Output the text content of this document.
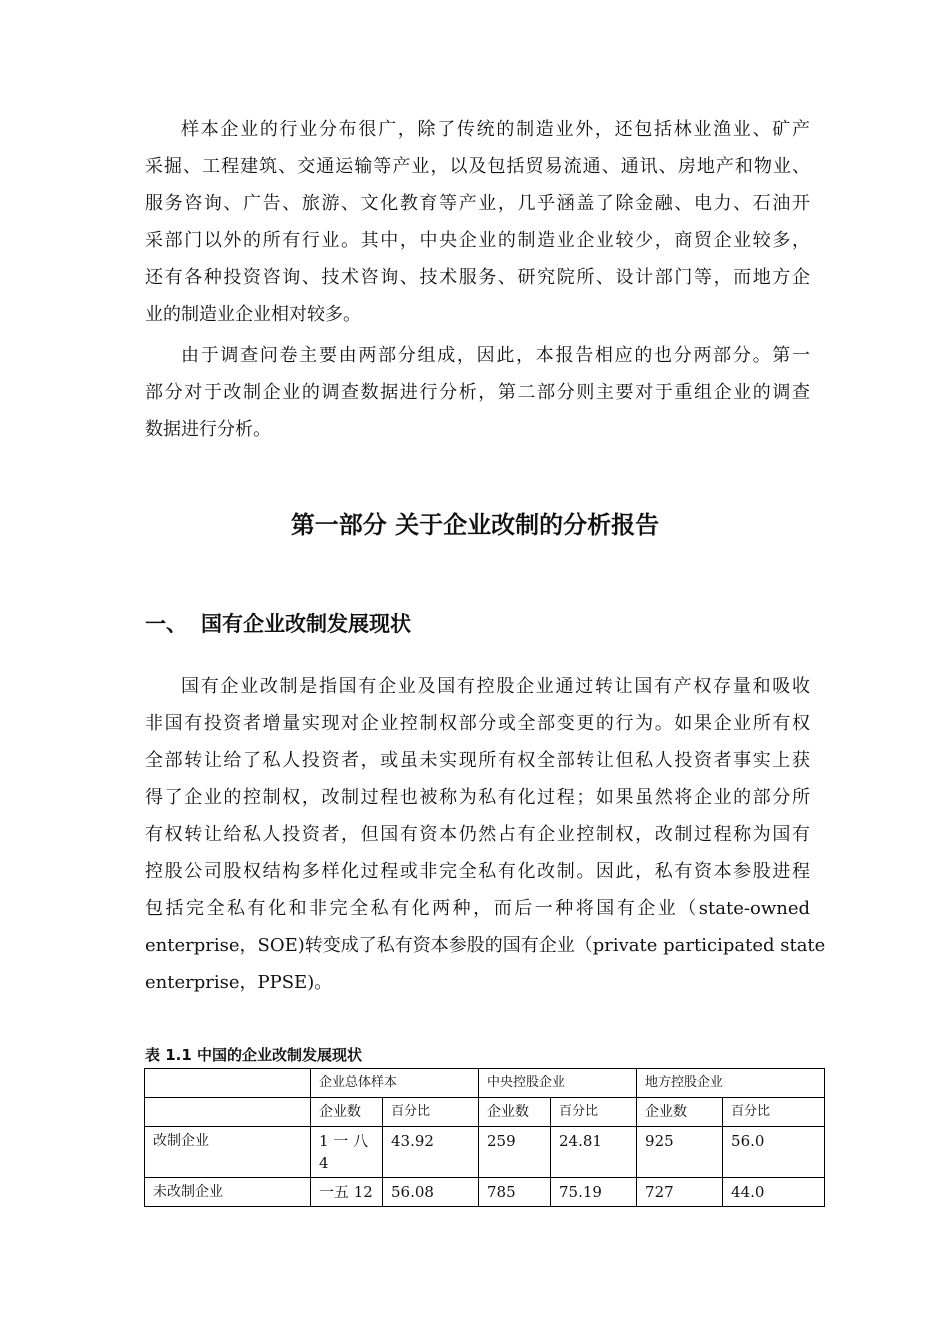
样本企业的行业分布很广，除了传统的制造业外，还包括林业渔业、矿产
采掘、工程建筑、交通运输等产业，以及包括贸易流通、通讯、房地产和物业、
服务咨询、广告、旅游、文化教育等产业，几乎涵盖了除金融、电力、石油开
采部门以外的所有行业。其中，中央企业的制造业企业较少，商贸企业较多，
还有各种投资咨询、技术咨询、技术服务、研究院所、设计部门等，而地方企
业的制造业企业相对较多。
由于调查问卷主要由两部分组成，因此，本报告相应的也分两部分。第一
部分对于改制企业的调查数据进行分析，第二部分则主要对于重组企业的调查
数据进行分析。
第一部分 关于企业改制的分析报告
一、 国有企业改制发展现状
国有企业改制是指国有企业及国有控股企业通过转让国有产权存量和吸收
非国有投资者增量实现对企业控制权部分或全部变更的行为。如果企业所有权
全部转让给了私人投资者，或虽未实现所有权全部转让但私人投资者事实上获
得了企业的控制权，改制过程也被称为私有化过程；如果虽然将企业的部分所
有权转让给私人投资者，但国有资本仍然占有企业控制权，改制过程称为国有
控股公司股权结构多样化过程或非完全私有化改制。因此，私有资本参股进程
包括完全私有化和非完全私有化两种，而后一种将国有企业（state-owned
enterprise，SOE)转变成了私有资本参股的国有企业（private participated state
enterprise，PPSE)。
表 1.1 中国的企业改制发展现状
	企业总体样本		中央控股企业		地方控股企业	
	企业数	百分比	企业数	百分比	企业数	百分比
改制企业	1 一 八 4	43.92	259	24.81	925	56.0
未改制企业	一五 12	56.08	785	75.19	727	44.0
